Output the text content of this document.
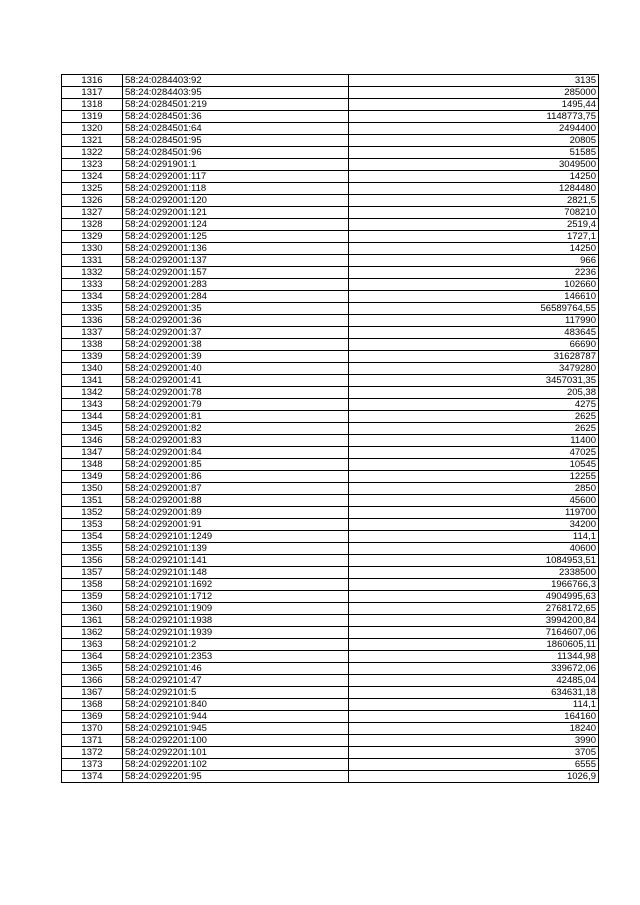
1316	58:24:0284403:92	3135
1317	58:24:0284403:95	285000
1318	58:24:0284501:219	1495,44
1319	58:24:0284501:36	1148773,75
1320	58:24:0284501:64	2494400
1321	58:24:0284501:95	20805
1322	58:24:0284501:96	51585
1323	58:24:0291901:1	3049500
1324	58:24:0292001:117	14250
1325	58:24:0292001:118	1284480
1326	58:24:0292001:120	2821,5
1327	58:24:0292001:121	708210
1328	58:24:0292001:124	2519,4
1329	58:24:0292001:125	1727,1
1330	58:24:0292001:136	14250
1331	58:24:0292001:137	966
1332	58:24:0292001:157	2236
1333	58:24:0292001:283	102660
1334	58:24:0292001:284	146610
1335	58:24:0292001:35	56589764,55
1336	58:24:0292001:36	117990
1337	58:24:0292001:37	483645
1338	58:24:0292001:38	66690
1339	58:24:0292001:39	31628787
1340	58:24:0292001:40	3479280
1341	58:24:0292001:41	3457031,35
1342	58:24:0292001:78	205,38
1343	58:24:0292001:79	4275
1344	58:24:0292001:81	2625
1345	58:24:0292001:82	2625
1346	58:24:0292001:83	11400
1347	58:24:0292001:84	47025
1348	58:24:0292001:85	10545
1349	58:24:0292001:86	12255
1350	58:24:0292001:87	2850
1351	58:24:0292001:88	45600
1352	58:24:0292001:89	119700
1353	58:24:0292001:91	34200
1354	58:24:0292101:1249	114,1
1355	58:24:0292101:139	40600
1356	58:24:0292101:141	1084953,51
1357	58:24:0292101:148	2338500
1358	58:24:0292101:1692	1966766,3
1359	58:24:0292101:1712	4904995,63
1360	58:24:0292101:1909	2768172,65
1361	58:24:0292101:1938	3994200,84
1362	58:24:0292101:1939	7164607,06
1363	58:24:0292101:2	1860605,11
1364	58:24:0292101:2353	11344,98
1365	58:24:0292101:46	339672,06
1366	58:24:0292101:47	42485,04
1367	58:24:0292101:5	634631,18
1368	58:24:0292101:840	114,1
1369	58:24:0292101:944	164160
1370	58:24:0292101:945	18240
1371	58:24:0292201:100	3990
1372	58:24:0292201:101	3705
1373	58:24:0292201:102	6555
1374	58:24:0292201:95	1026,9
